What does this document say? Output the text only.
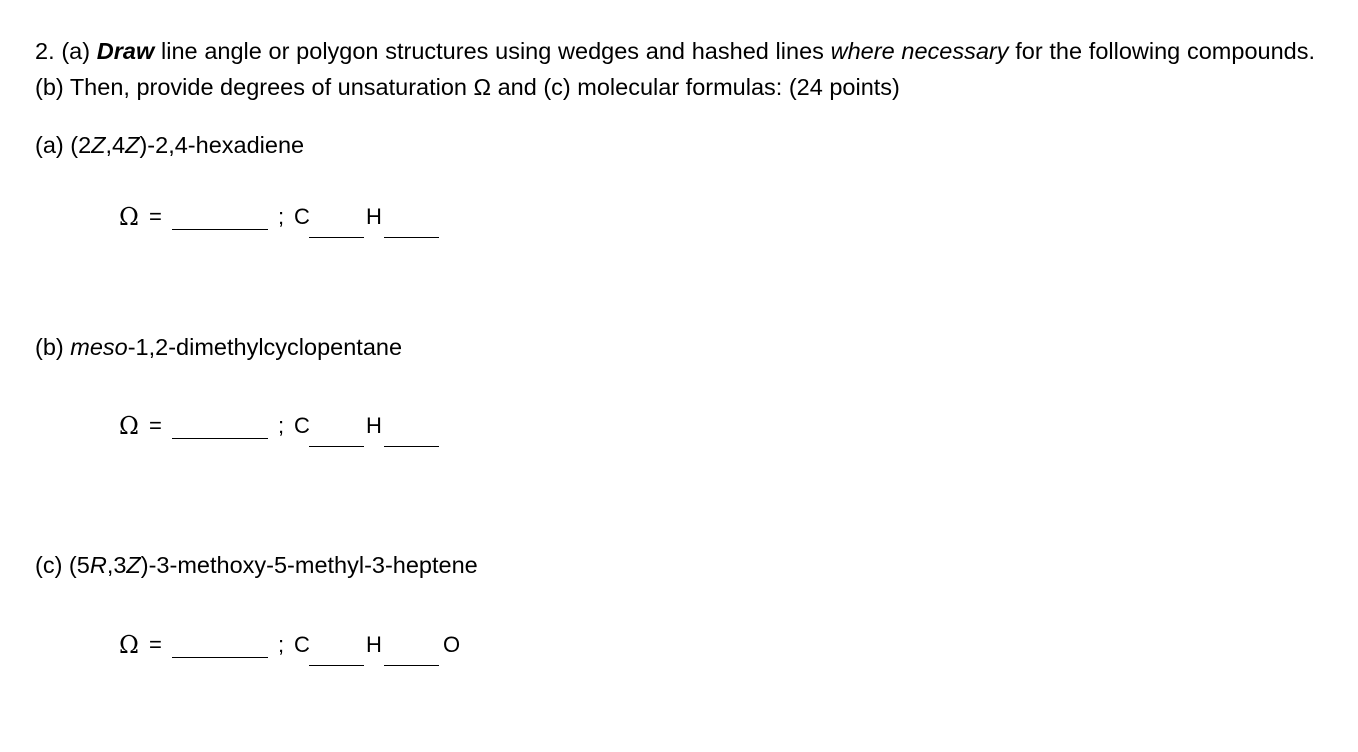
2. (a) Draw line angle or polygon structures using wedges and hashed lines where necessary for the following compounds. (b) Then, provide degrees of unsaturation Ω and (c) molecular formulas: (24 points)
(a) (2Z,4Z)-2,4-hexadiene
Ω =	; C	H
(b) meso-1,2-dimethylcyclopentane
Ω =	; C	H
(c) (5R,3Z)-3-methoxy-5-methyl-3-heptene
Ω =	; C	H	O
